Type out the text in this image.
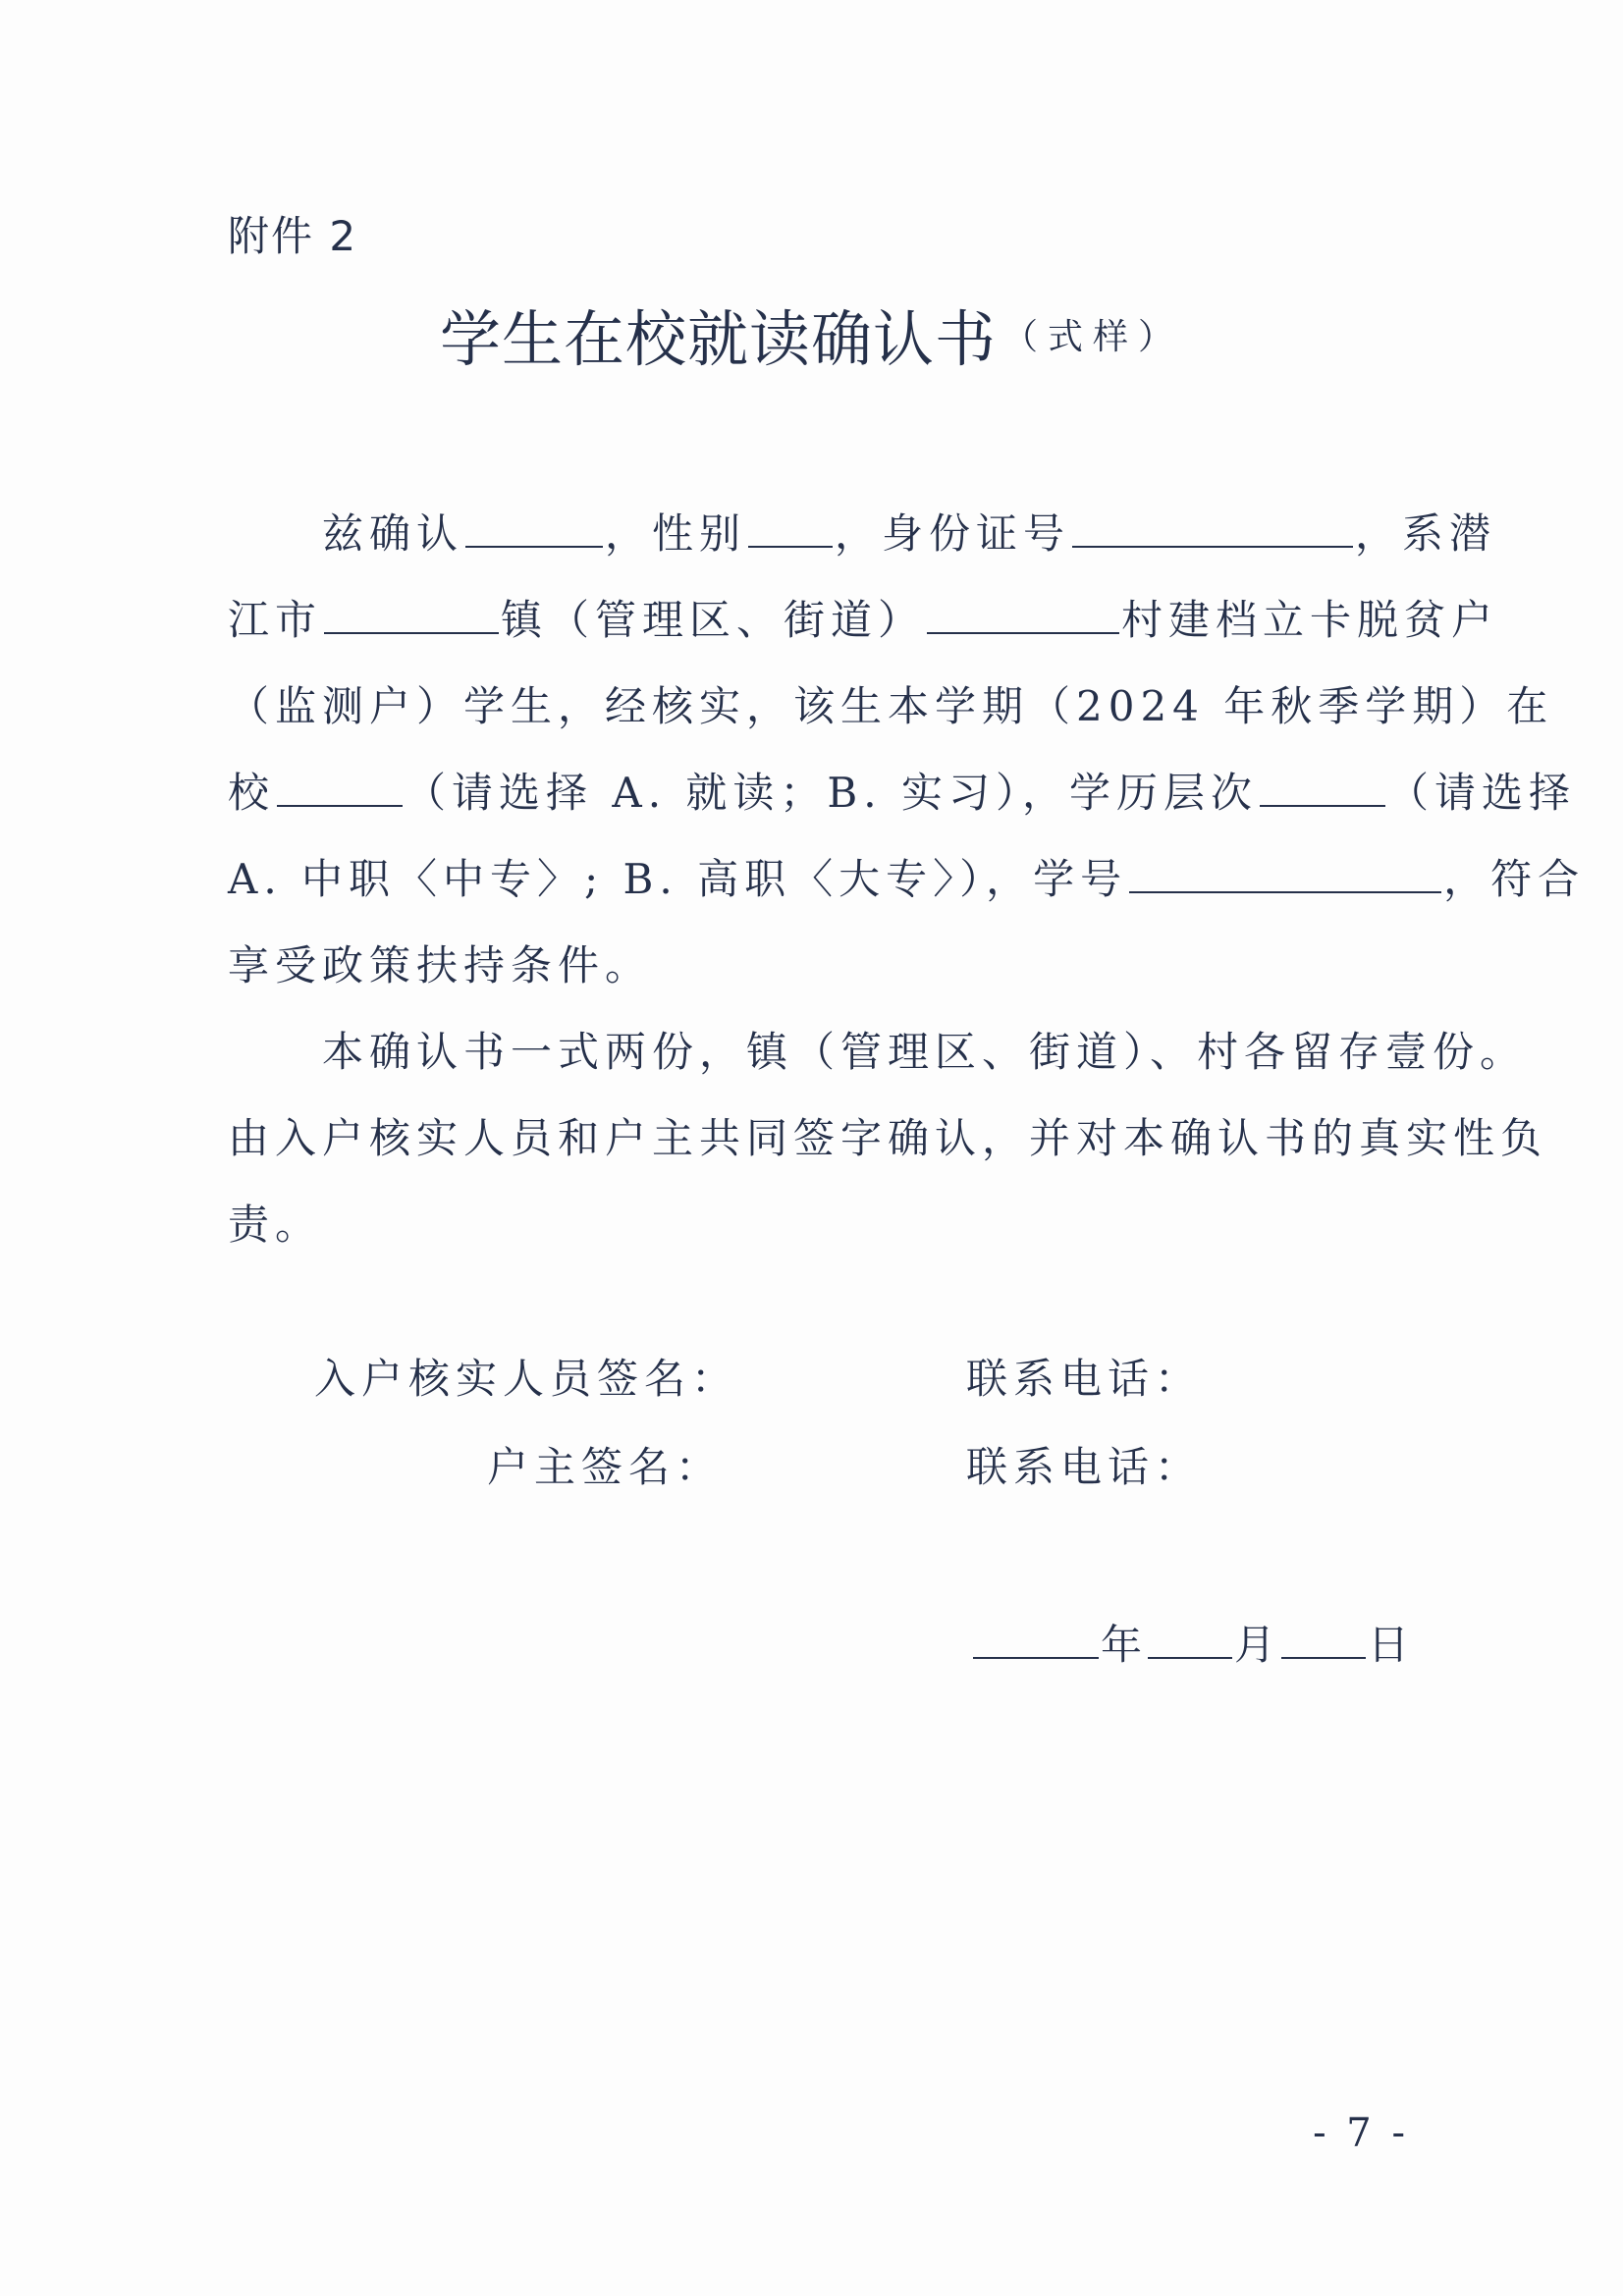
附件 2
学生在校就读确认书 （式样）
兹确认	，性别 ，身份证号	，系潜
江市	镇（管理区、街道）	村建档立卡脱贫户
（监测户）学生，经核实，该生本学期（2024 年秋季学期）在
校	（请选择 A. 就读；B. 实习），学历层次	（请选择
A. 中职〈中专〉; B. 高职〈大专〉），学号	，符合
享受政策扶持条件。
本确认书一式两份，镇（管理区、街道）、村各留存壹份。
由入户核实人员和户主共同签字确认，并对本确认书的真实性负
责。
入户核实人员签名：	联系电话：
户主签名：	联系电话：
年 月 日
- 7 -
